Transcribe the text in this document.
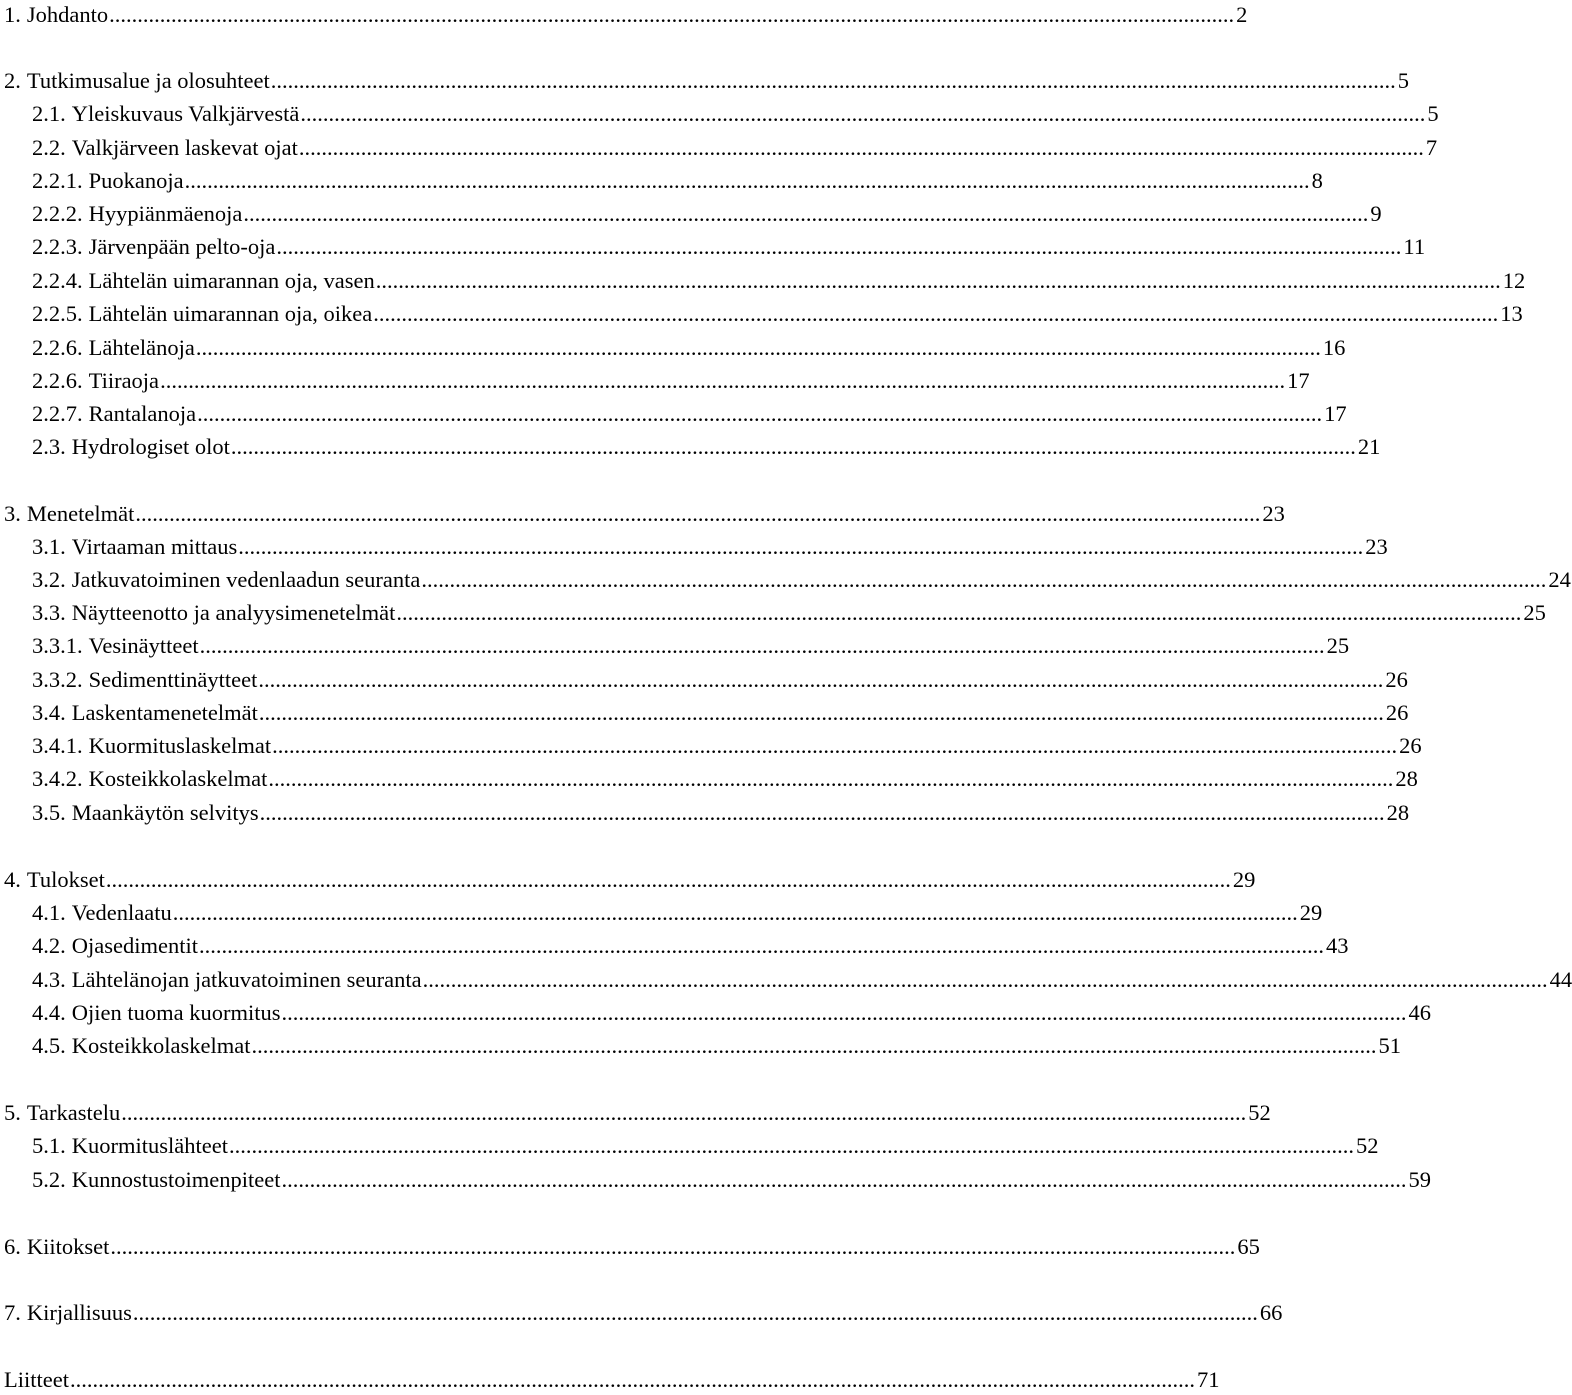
1. Johdanto ........................................................................................................................................................................................................ 2
2. Tutkimusalue ja olosuhteet ........................................................................................................................................................................................................ 5
2.1. Yleiskuvaus Valkjärvestä ........................................................................................................................................................................................................ 5
2.2. Valkjärveen laskevat ojat ........................................................................................................................................................................................................ 7
2.2.1. Puokanoja ........................................................................................................................................................................................................ 8
2.2.2. Hyypiänmäenoja ........................................................................................................................................................................................................ 9
2.2.3. Järvenpään pelto-oja ........................................................................................................................................................................................................ 11
2.2.4. Lähtelän uimarannan oja, vasen ........................................................................................................................................................................................................ 12
2.2.5. Lähtelän uimarannan oja, oikea ........................................................................................................................................................................................................ 13
2.2.6. Lähtelänoja ........................................................................................................................................................................................................ 16
2.2.6. Tiiraoja ........................................................................................................................................................................................................ 17
2.2.7. Rantalanoja ........................................................................................................................................................................................................ 17
2.3. Hydrologiset olot ........................................................................................................................................................................................................ 21
3. Menetelmät ........................................................................................................................................................................................................ 23
3.1. Virtaaman mittaus ........................................................................................................................................................................................................ 23
3.2. Jatkuvatoiminen vedenlaadun seuranta ........................................................................................................................................................................................................ 24
3.3. Näytteenotto ja analyysimenetelmät ........................................................................................................................................................................................................ 25
3.3.1. Vesinäytteet ........................................................................................................................................................................................................ 25
3.3.2. Sedimenttinäytteet ........................................................................................................................................................................................................ 26
3.4. Laskentamenetelmät ........................................................................................................................................................................................................ 26
3.4.1. Kuormituslaskelmat ........................................................................................................................................................................................................ 26
3.4.2. Kosteikkolaskelmat ........................................................................................................................................................................................................ 28
3.5. Maankäytön selvitys ........................................................................................................................................................................................................ 28
4. Tulokset ........................................................................................................................................................................................................ 29
4.1. Vedenlaatu ........................................................................................................................................................................................................ 29
4.2. Ojasedimentit ........................................................................................................................................................................................................ 43
4.3. Lähtelänojan jatkuvatoiminen seuranta ........................................................................................................................................................................................................ 44
4.4. Ojien tuoma kuormitus ........................................................................................................................................................................................................ 46
4.5. Kosteikkolaskelmat ........................................................................................................................................................................................................ 51
5. Tarkastelu ........................................................................................................................................................................................................ 52
5.1. Kuormituslähteet ........................................................................................................................................................................................................ 52
5.2. Kunnostustoimenpiteet ........................................................................................................................................................................................................ 59
6. Kiitokset ........................................................................................................................................................................................................ 65
7. Kirjallisuus ........................................................................................................................................................................................................ 66
Liitteet ........................................................................................................................................................................................................ 71
